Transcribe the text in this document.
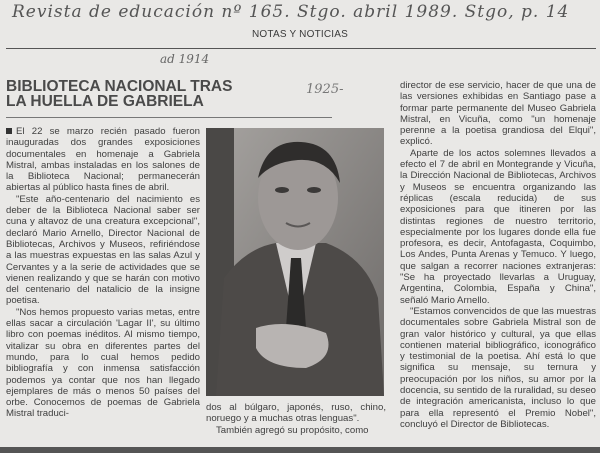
Revista de educación nº 165. Stgo. abril 1989. Stgo, p. 14
NOTAS Y NOTICIAS
ad 1914
1925-
BIBLIOTECA NACIONAL TRAS
LA HUELLA DE GABRIELA

El 22 se marzo recién pasado fueron inauguradas dos grandes exposiciones documentales en homenaje a Gabriela Mistral, ambas instaladas en los salones de la Biblioteca Nacional; permanecerán abiertas al público hasta fines de abril.

"Este año-centenario del nacimiento es deber de la Biblioteca Nacional saber ser cuna y altavoz de una creatura excepcional", declaró Mario Arnello, Director Nacional de Bibliotecas, Archivos y Museos, refiriéndose a las muestras expuestas en las salas Azul y Cervantes y a la serie de actividades que se vienen realizando y que se harán con motivo del centenario del natalicio de la insigne poetisa.

"Nos hemos propuesto varias metas, entre ellas sacar a circulación 'Lagar II', su último libro con poemas inéditos. Al mismo tiempo, vitalizar su obra en diferentes partes del mundo, para lo cual hemos pedido bibliografía y con inmensa satisfacción podemos ya contar que nos han llegado ejemplares de más o menos 50 países del orbe. Conocemos de poemas de Gabriela Mistral traduci-

dos al búlgaro, japonés, ruso, chino, noruego y a muchas otras lenguas".

También agregó su propósito, como

director de ese servicio, hacer de que una de las versiones exhibidas en Santiago pase a formar parte permanente del Museo Gabriela Mistral, en Vicuña, como "un homenaje perenne a la poetisa grandiosa del Elqui", explicó.

Aparte de los actos solemnes llevados a efecto el 7 de abril en Montegrande y Vicuña, la Dirección Nacional de Bibliotecas, Archivos y Museos se encuentra organizando las réplicas (escala reducida) de sus exposiciones para que itineren por las distintas regiones de nuestro territorio, especialmente por los lugares donde ella fue profesora, es decir, Antofagasta, Coquimbo, Los Andes, Punta Arenas y Temuco. Y luego, que salgan a recorrer naciones extranjeras: "Se ha proyectado llevarlas a Uruguay, Argentina, Colombia, España y China", señaló Mario Arnello.

"Estamos convencidos de que las muestras documentales sobre Gabriela Mistral son de gran valor histórico y cultural, ya que ellas contienen material bibliográfico, iconográfico y testimonial de la poetisa. Ahí está lo que significa su mensaje, su ternura y preocupación por los niños, su amor por la docencia, su sentido de la ruralidad, su deseo de integración americanista, incluso lo que para ella representó el Premio Nobel", concluyó el Director de Bibliotecas.
